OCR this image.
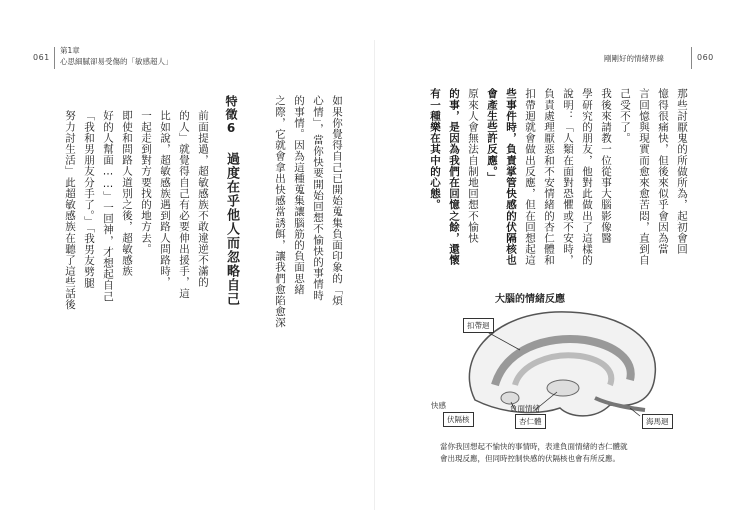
061
第1章
心思細膩卻易受傷的「敏感超人」	剛剛好的情緒界線	060
如果你覺得自己已開始蒐集負面印象的「煩
心情」，當你快要開始回想不愉快的事情時
的事情。因為這種蒐集讓腦筋的負面思緒
之際，它就會拿出快感當誘餌，讓我們愈陷愈深
特徵6 過度在乎他人而忽略自己
前面提過，超敏感族不敢違逆不滿的
的人」就覺得自己有必要伸出援手，這
比如說，超敏感族遇到路人問路時，
一起走到對方要找的地方去。
即使和問路人道別之後，超敏感族
好的人幫面……」一回神，才想起自己
「我和男朋友分手了。」「我男友劈腿
努力討生活」此超敏感族在聽了這些話後	那些討厭鬼的所做所為，起初會回
憶得很痛快，但後來似乎會因為當
言回憶與現實而愈來愈苦悶，直到自
己受不了。
我後來請教一位從事大腦影像醫
學研究的朋友，他對此做出了這樣的
說明：「人類在面對恐懼或不安時，
負責處理厭惡和不安情緒的杏仁體和
扣帶迴就會做出反應，但在回想起這
些事件時，負責掌管快感的伏隔核也
會產生些許反應。」
原來人會無法自制地回想不愉快
的事，是因為我們在回憶之餘，還懷
有一種樂在其中的心態。
大腦的情緒反應
扣帶迴
負面情緒
杏仁體
快感
伏隔核	海馬迴
當你我回想起不愉快的事情時，表達負面情緒的杏仁體就
會出現反應，但同時控制快感的伏隔核也會有所反應。
